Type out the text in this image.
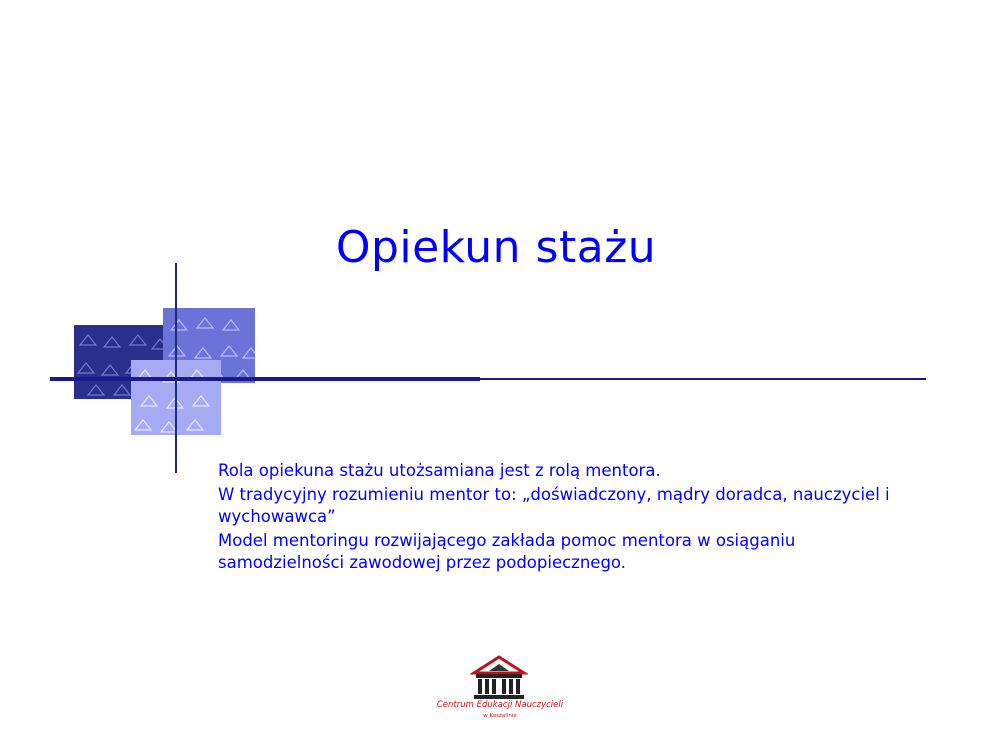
Opiekun stażu

Rola opiekuna stażu utożsamiana jest z rolą mentora.

W tradycyjny rozumieniu mentor to: „doświadczony, mądry doradca, nauczyciel i wychowawca”

Model mentoringu rozwijającego zakłada pomoc mentora w osiąganiu samodzielności zawodowej przez podopiecznego.

Centrum Edukacji Nauczycieli
w Koszalinie
